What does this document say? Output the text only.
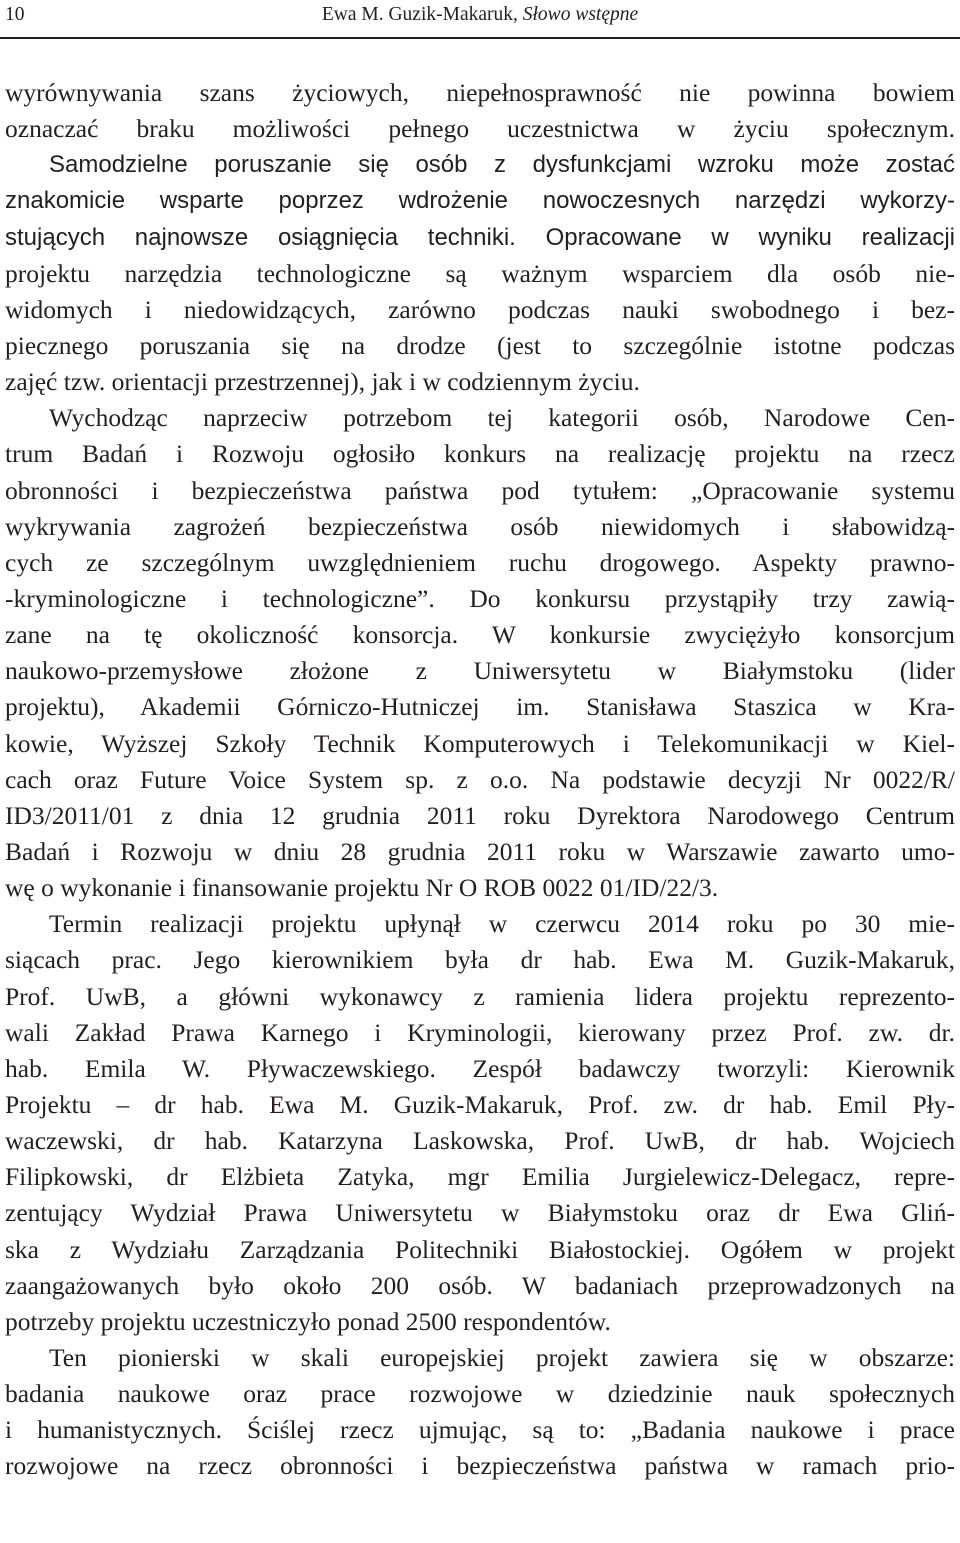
10	Ewa M. Guzik-Makaruk, Słowo wstępne
wyrównywania szans życiowych, niepełnosprawność nie powinna bowiem
oznaczać braku możliwości pełnego uczestnictwa w życiu społecznym.
Samodzielne poruszanie się osób z dysfunkcjami wzroku może zostać
znakomicie wsparte poprzez wdrożenie nowoczesnych narzędzi wykorzy-
stujących najnowsze osiągnięcia techniki. Opracowane w wyniku realizacji
projektu narzędzia technologiczne są ważnym wsparciem dla osób nie-
widomych i niedowidzących, zarówno podczas nauki swobodnego i bez-
piecznego poruszania się na drodze (jest to szczególnie istotne podczas
zajęć tzw. orientacji przestrzennej), jak i w codziennym życiu.
Wychodząc naprzeciw potrzebom tej kategorii osób, Narodowe Cen-
trum Badań i Rozwoju ogłosiło konkurs na realizację projektu na rzecz
obronności i bezpieczeństwa państwa pod tytułem: „Opracowanie systemu
wykrywania zagrożeń bezpieczeństwa osób niewidomych i słabowidzą-
cych ze szczególnym uwzględnieniem ruchu drogowego. Aspekty prawno-
-kryminologiczne i technologiczne”. Do konkursu przystąpiły trzy zawią-
zane na tę okoliczność konsorcja. W konkursie zwyciężyło konsorcjum
naukowo-przemysłowe złożone z Uniwersytetu w Białymstoku (lider
projektu), Akademii Górniczo-Hutniczej im. Stanisława Staszica w Kra-
kowie, Wyższej Szkoły Technik Komputerowych i Telekomunikacji w Kiel-
cach oraz Future Voice System sp. z o.o. Na podstawie decyzji Nr 0022/R/
ID3/2011/01 z dnia 12 grudnia 2011 roku Dyrektora Narodowego Centrum
Badań i Rozwoju w dniu 28 grudnia 2011 roku w Warszawie zawarto umo-
wę o wykonanie i finansowanie projektu Nr O ROB 0022 01/ID/22/3.
Termin realizacji projektu upłynął w czerwcu 2014 roku po 30 mie-
siącach prac. Jego kierownikiem była dr hab. Ewa M. Guzik-Makaruk,
Prof. UwB, a główni wykonawcy z ramienia lidera projektu reprezento-
wali Zakład Prawa Karnego i Kryminologii, kierowany przez Prof. zw. dr.
hab. Emila W. Pływaczewskiego. Zespół badawczy tworzyli: Kierownik
Projektu – dr hab. Ewa M. Guzik-Makaruk, Prof. zw. dr hab. Emil Pły-
waczewski, dr hab. Katarzyna Laskowska, Prof. UwB, dr hab. Wojciech
Filipkowski, dr Elżbieta Zatyka, mgr Emilia Jurgielewicz-Delegacz, repre-
zentujący Wydział Prawa Uniwersytetu w Białymstoku oraz dr Ewa Gliń-
ska z Wydziału Zarządzania Politechniki Białostockiej. Ogółem w projekt
zaangażowanych było około 200 osób. W badaniach przeprowadzonych na
potrzeby projektu uczestniczyło ponad 2500 respondentów.
Ten pionierski w skali europejskiej projekt zawiera się w obszarze:
badania naukowe oraz prace rozwojowe w dziedzinie nauk społecznych
i humanistycznych. Ściślej rzecz ujmując, są to: „Badania naukowe i prace
rozwojowe na rzecz obronności i bezpieczeństwa państwa w ramach prio-
